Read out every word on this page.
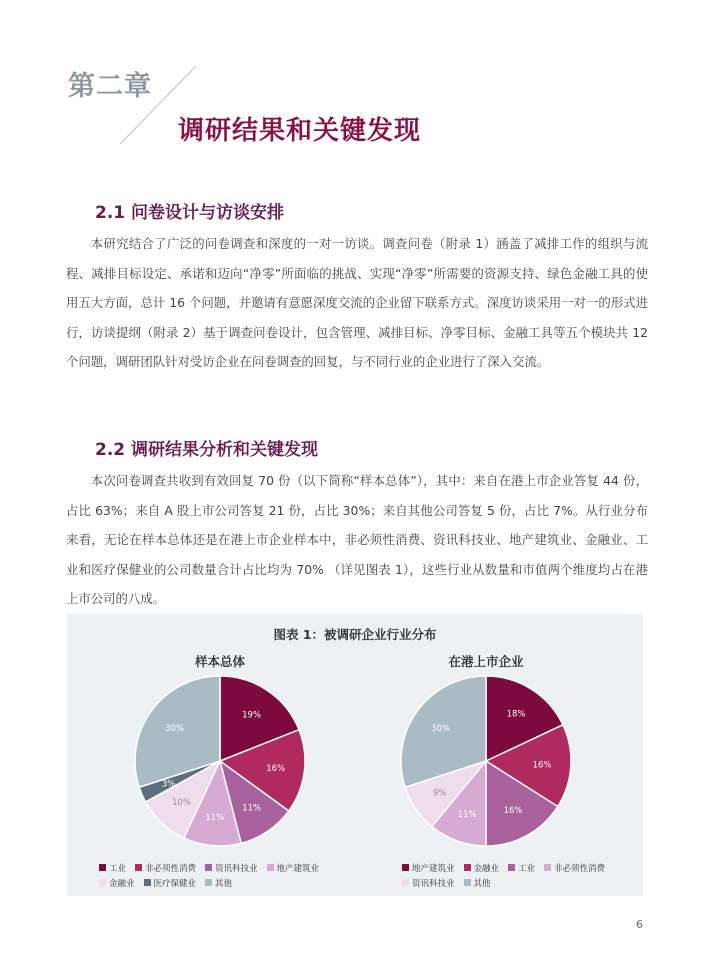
第二章
调研结果和关键发现
2.1 问卷设计与访谈安排
本研究结合了广泛的问卷调查和深度的一对一访谈。调查问卷（附录 1）涵盖了减排工作的组织与流程、减排目标设定、承诺和迈向“净零”所面临的挑战、实现“净零”所需要的资源支持、绿色金融工具的使用五大方面，总计 16 个问题，并邀请有意愿深度交流的企业留下联系方式。深度访谈采用一对一的形式进行，访谈提纲（附录 2）基于调查问卷设计，包含管理、减排目标、净零目标、金融工具等五个模块共 12 个问题，调研团队针对受访企业在问卷调查的回复，与不同行业的企业进行了深入交流。
2.2 调研结果分析和关键发现
本次问卷调查共收到有效回复 70 份（以下简称“样本总体”），其中：来自在港上市企业答复 44 份，占比 63%；来自 A 股上市公司答复 21 份，占比 30%；来自其他公司答复 5 份，占比 7%。从行业分布来看，无论在样本总体还是在港上市企业样本中，非必须性消费、资讯科技业、地产建筑业、金融业、工业和医疗保健业的公司数量合计占比均为 70% （详见图表 1），这些行业从数量和市值两个维度均占在港上市公司的八成。
图表 1：被调研企业行业分布
样本总体
19%
16%
11%
11%
10%
3%
30%
工业 非必须性消费 资讯科技业 地产建筑业金融业 医疗保健业 其他
在港上市企业
18%
16%
16%
11%
9%
30%
地产建筑业 金融业 工业 非必须性消费资讯科技业 其他
6
